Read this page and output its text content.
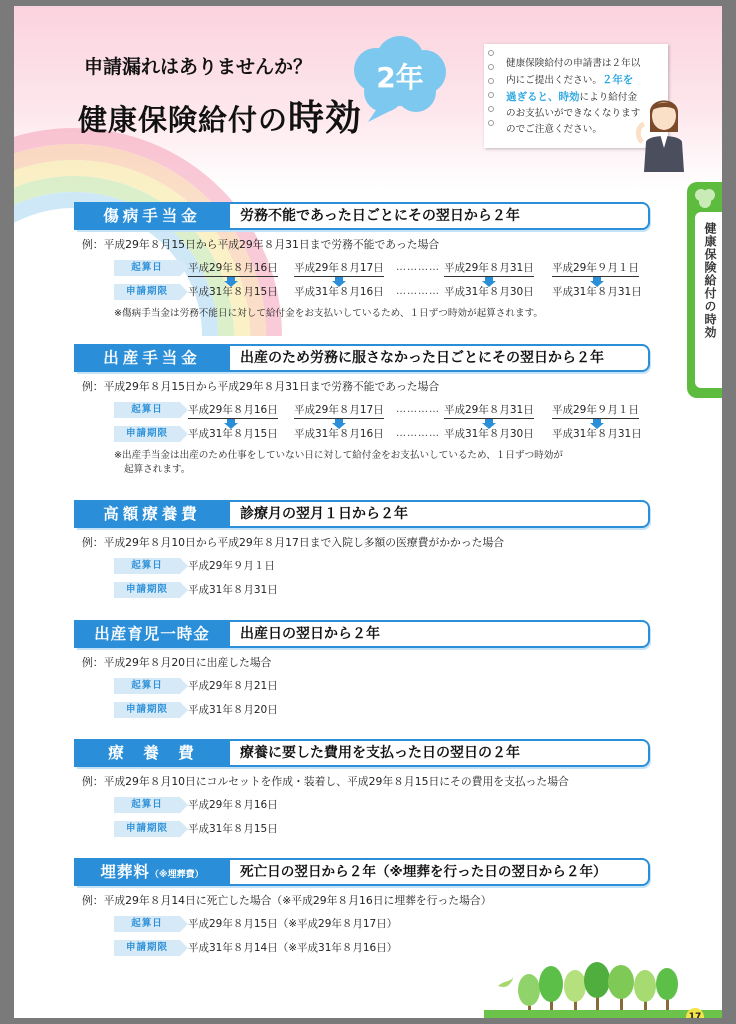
申請漏れはありませんか？
健康保険給付の時効
2年	健康保険給付の申請書は２年以内にご提出ください。２年を過ぎると、時効により給付金のお支払いができなくなりますのでご注意ください。
健康保険給付の時効
傷病手当金	労務不能であった日ごとにその翌日から２年
例：平成29年８月15日から平成29年８月31日まで労務不能であった場合
起算日	平成29年８月16日 平成29年８月17日 ………… 平成29年８月31日 平成29年９月１日
申請期限	平成31年８月15日 平成31年８月16日 ………… 平成31年８月30日 平成31年８月31日
※傷病手当金は労務不能日に対して給付金をお支払いしているため、１日ずつ時効が起算されます。
出産手当金	出産のため労務に服さなかった日ごとにその翌日から２年
例：平成29年８月15日から平成29年８月31日まで労務不能であった場合
起算日	平成29年８月16日 平成29年８月17日 ………… 平成29年８月31日 平成29年９月１日
申請期限	平成31年８月15日 平成31年８月16日 ………… 平成31年８月30日 平成31年８月31日
※出産手当金は出産のため仕事をしていない日に対して給付金をお支払いしているため、１日ずつ時効が
起算されます。
高額療養費	診療月の翌月１日から２年
例：平成29年８月10日から平成29年８月17日まで入院し多額の医療費がかかった場合
起算日	平成29年９月１日
申請期限	平成31年８月31日
出産育児一時金	出産日の翌日から２年
例：平成29年８月20日に出産した場合
起算日	平成29年８月21日
申請期限	平成31年８月20日
療　養　費	療養に要した費用を支払った日の翌日の２年
例：平成29年８月10日にコルセットを作成・装着し、平成29年８月15日にその費用を支払った場合
起算日	平成29年８月16日
申請期限	平成31年８月15日
埋葬料（※埋葬費）	死亡日の翌日から２年（※埋葬を行った日の翌日から２年）
例：平成29年８月14日に死亡した場合（※平成29年８月16日に埋葬を行った場合）
起算日	平成29年８月15日（※平成29年８月17日）
申請期限	平成31年８月14日（※平成31年８月16日）
17
